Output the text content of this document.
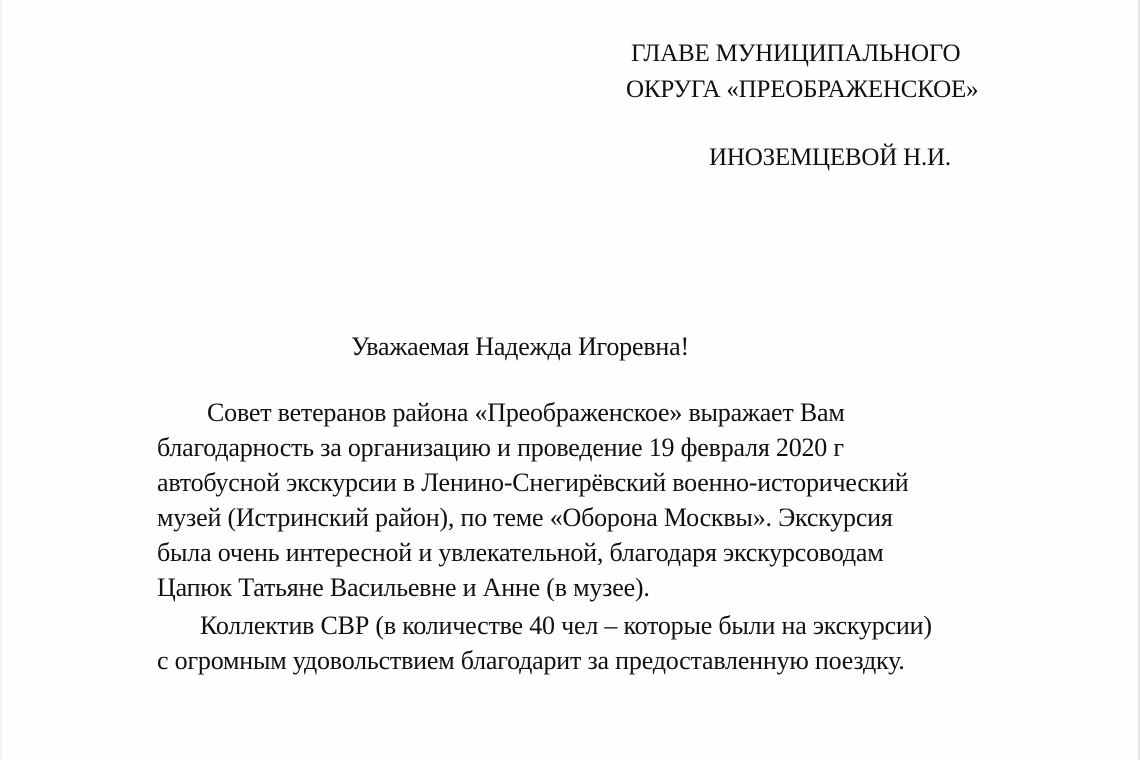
ГЛАВЕ МУНИЦИПАЛЬНОГО
ОКРУГА «ПРЕОБРАЖЕНСКОЕ»
ИНОЗЕМЦЕВОЙ Н.И.
Уважаемая Надежда Игоревна!
Совет ветеранов района «Преображенское» выражает Вам
благодарность за организацию и проведение 19 февраля 2020 г
автобусной экскурсии в Ленино-Снегирёвский военно-исторический
музей (Истринский район), по теме «Оборона Москвы». Экскурсия
была очень интересной и увлекательной, благодаря экскурсоводам
Цапюк Татьяне Васильевне и Анне (в музее).
Коллектив СВР (в количестве 40 чел – которые были на экскурсии)
с огромным удовольствием благодарит за предоставленную поездку.
